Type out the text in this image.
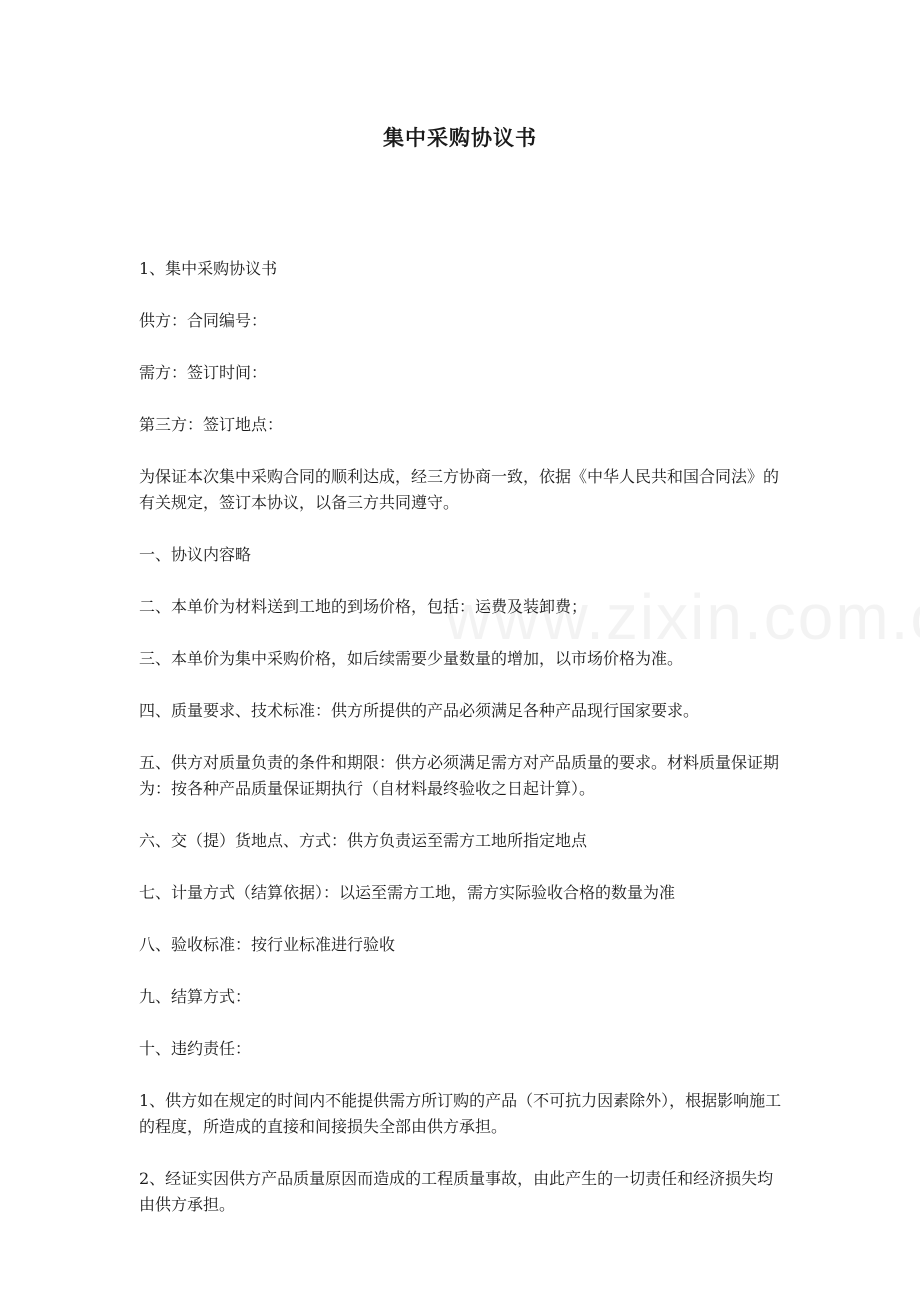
集中采购协议书

1、集中采购协议书

供方：合同编号：

需方：签订时间：

第三方：签订地点：

为保证本次集中采购合同的顺利达成，经三方协商一致，依据《中华人民共和国合同法》的有关规定，签订本协议，以备三方共同遵守。

一、协议内容略

二、本单价为材料送到工地的到场价格，包括：运费及装卸费；

三、本单价为集中采购价格，如后续需要少量数量的增加，以市场价格为准。

四、质量要求、技术标准：供方所提供的产品必须满足各种产品现行国家要求。

五、供方对质量负责的条件和期限：供方必须满足需方对产品质量的要求。材料质量保证期为：按各种产品质量保证期执行（自材料最终验收之日起计算）。

六、交（提）货地点、方式：供方负责运至需方工地所指定地点

七、计量方式（结算依据）：以运至需方工地，需方实际验收合格的数量为准

八、验收标准：按行业标准进行验收

九、结算方式：

十、违约责任：

1、供方如在规定的时间内不能提供需方所订购的产品（不可抗力因素除外），根据影响施工的程度，所造成的直接和间接损失全部由供方承担。

2、经证实因供方产品质量原因而造成的工程质量事故，由此产生的一切责任和经济损失均由供方承担。
